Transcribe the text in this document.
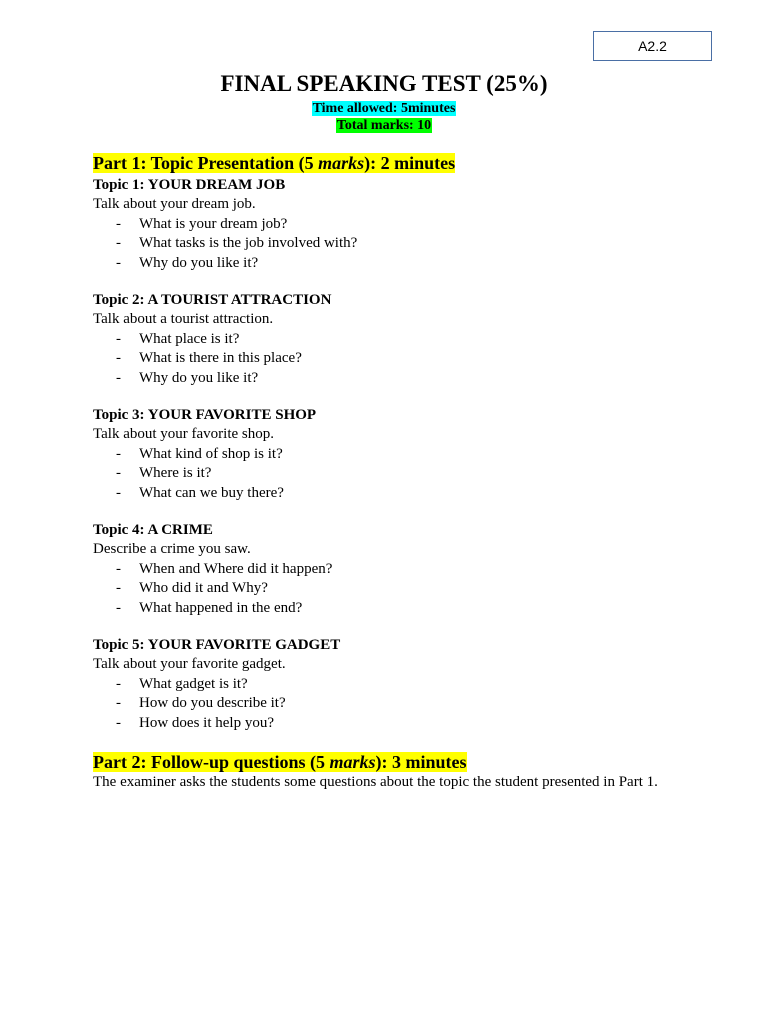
A2.2
FINAL SPEAKING TEST (25%)
Time allowed: 5minutes
Total marks: 10

Part 1: Topic Presentation (5 marks): 2 minutes

Topic 1: YOUR DREAM JOB

Talk about your dream job.

- What is your dream job?
- What tasks is the job involved with?
- Why do you like it?

Topic 2: A TOURIST ATTRACTION

Talk about a tourist attraction.

- What place is it?
- What is there in this place?
- Why do you like it?

Topic 3: YOUR FAVORITE SHOP

Talk about your favorite shop.

- What kind of shop is it?
- Where is it?
- What can we buy there?

Topic 4: A CRIME

Describe a crime you saw.

- When and Where did it happen?
- Who did it and Why?
- What happened in the end?

Topic 5: YOUR FAVORITE GADGET

Talk about your favorite gadget.

- What gadget is it?
- How do you describe it?
- How does it help you?

Part 2: Follow-up questions (5 marks): 3 minutes

The examiner asks the students some questions about the topic the student presented in Part 1.
